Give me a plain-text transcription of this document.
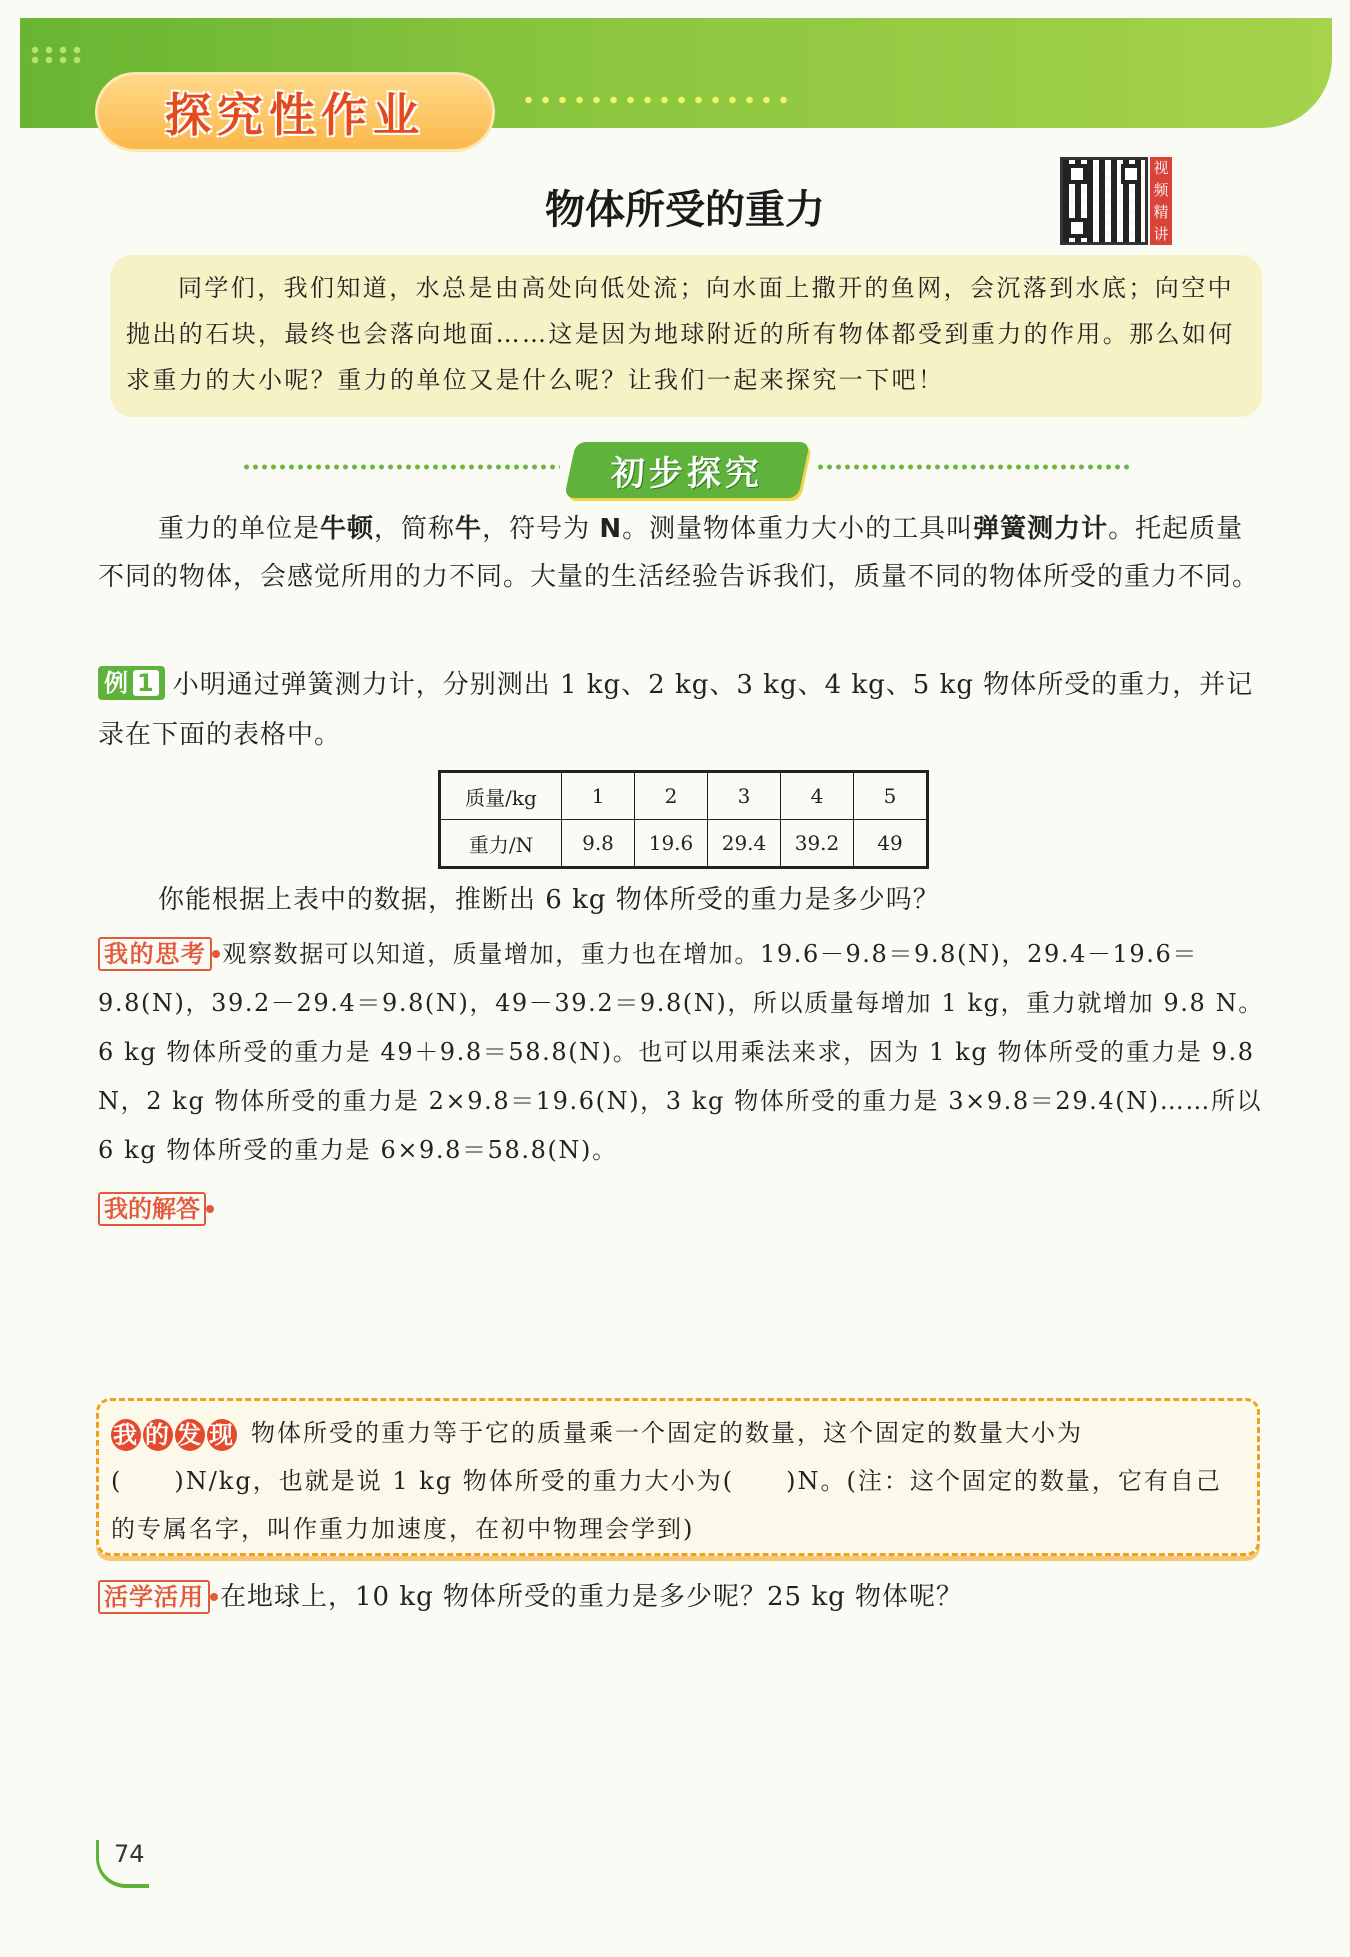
探究性作业
物体所受的重力
视频精讲

同学们，我们知道，水总是由高处向低处流；向水面上撒开的鱼网，会沉落到水底；向空中抛出的石块，最终也会落向地面……这是因为地球附近的所有物体都受到重力的作用。那么如何求重力的大小呢？重力的单位又是什么呢？让我们一起来探究一下吧！

初步探究

重力的单位是牛顿，简称牛，符号为 N。测量物体重力大小的工具叫弹簧测力计。托起质量不同的物体，会感觉所用的力不同。大量的生活经验告诉我们，质量不同的物体所受的重力不同。

例 1 小明通过弹簧测力计，分别测出 1 kg、2 kg、3 kg、4 kg、5 kg 物体所受的重力，并记录在下面的表格中。

质量/kg	1	2	3	4	5
重力/N	9.8	19.6	29.4	39.2	49

你能根据上表中的数据，推断出 6 kg 物体所受的重力是多少吗？

我的思考 观察数据可以知道，质量增加，重力也在增加。19.6－9.8＝9.8(N)，29.4－19.6＝9.8(N)，39.2－29.4＝9.8(N)，49－39.2＝9.8(N)，所以质量每增加 1 kg，重力就增加 9.8 N。6 kg 物体所受的重力是 49＋9.8＝58.8(N)。也可以用乘法来求，因为 1 kg 物体所受的重力是 9.8 N，2 kg 物体所受的重力是 2×9.8＝19.6(N)，3 kg 物体所受的重力是 3×9.8＝29.4(N)……所以 6 kg 物体所受的重力是 6×9.8＝58.8(N)。

我的解答

我 的 发 现 物体所受的重力等于它的质量乘一个固定的数量，这个固定的数量大小为(　　)N/kg，也就是说 1 kg 物体所受的重力大小为(　　)N。(注：这个固定的数量，它有自己的专属名字，叫作重力加速度，在初中物理会学到)

活学活用 在地球上，10 kg 物体所受的重力是多少呢？25 kg 物体呢？

74
